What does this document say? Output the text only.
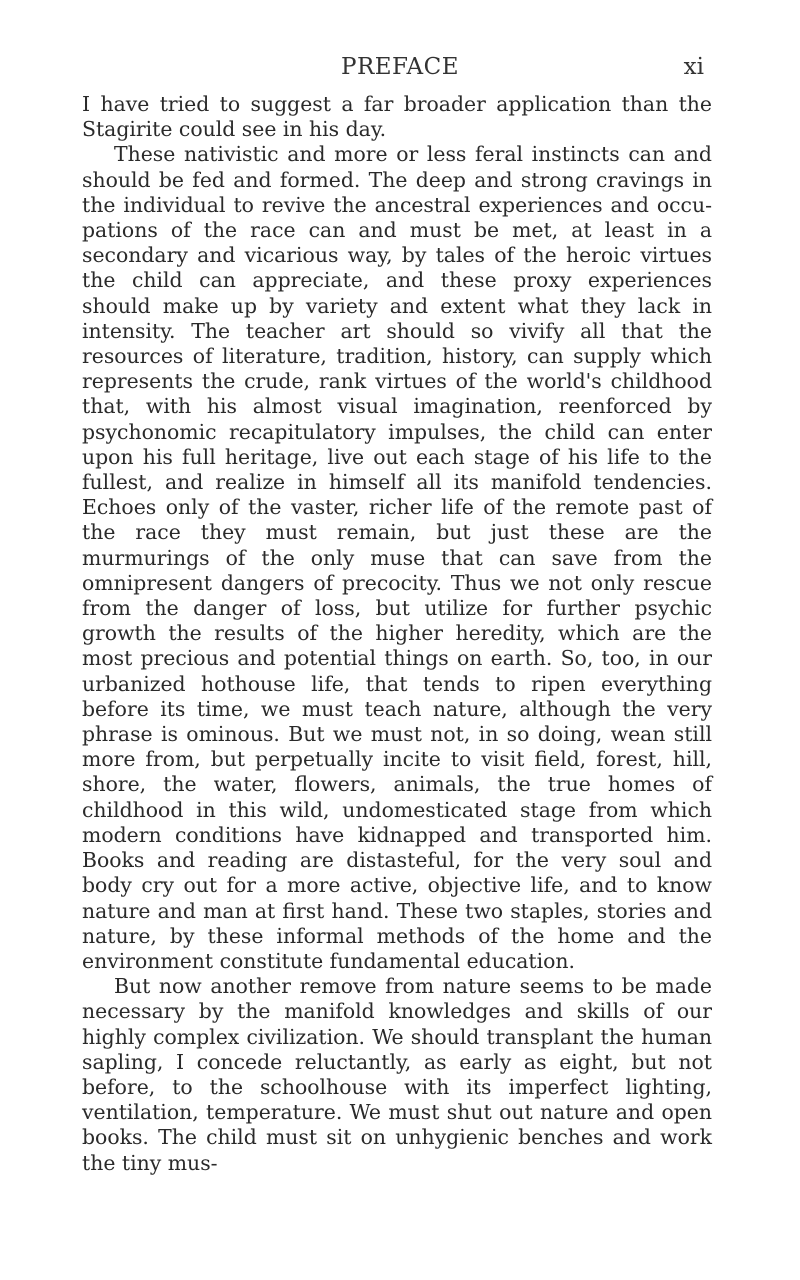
PREFACE	xi

I have tried to suggest a far broader application than the Stagirite could see in his day.

These nativistic and more or less feral instincts can and should be fed and formed. The deep and strong cravings in the individual to revive the ancestral experiences and occupations of the race can and must be met, at least in a secondary and vicarious way, by tales of the heroic virtues the child can appreciate, and these proxy experiences should make up by variety and extent what they lack in intensity. The teacher art should so vivify all that the resources of literature, tradition, history, can supply which represents the crude, rank virtues of the world's childhood that, with his almost visual imagination, reenforced by psychonomic recapitulatory impulses, the child can enter upon his full heritage, live out each stage of his life to the fullest, and realize in himself all its manifold tendencies. Echoes only of the vaster, richer life of the remote past of the race they must remain, but just these are the murmurings of the only muse that can save from the omnipresent dangers of precocity. Thus we not only rescue from the danger of loss, but utilize for further psychic growth the results of the higher heredity, which are the most precious and potential things on earth. So, too, in our urbanized hothouse life, that tends to ripen everything before its time, we must teach nature, although the very phrase is ominous. But we must not, in so doing, wean still more from, but perpetually incite to visit field, forest, hill, shore, the water, flowers, animals, the true homes of childhood in this wild, undomesticated stage from which modern conditions have kidnapped and transported him. Books and reading are distasteful, for the very soul and body cry out for a more active, objective life, and to know nature and man at first hand. These two staples, stories and nature, by these informal methods of the home and the environment constitute fundamental education.

But now another remove from nature seems to be made necessary by the manifold knowledges and skills of our highly complex civilization. We should transplant the human sapling, I concede reluctantly, as early as eight, but not before, to the schoolhouse with its imperfect lighting, ventilation, temperature. We must shut out nature and open books. The child must sit on unhygienic benches and work the tiny mus-
